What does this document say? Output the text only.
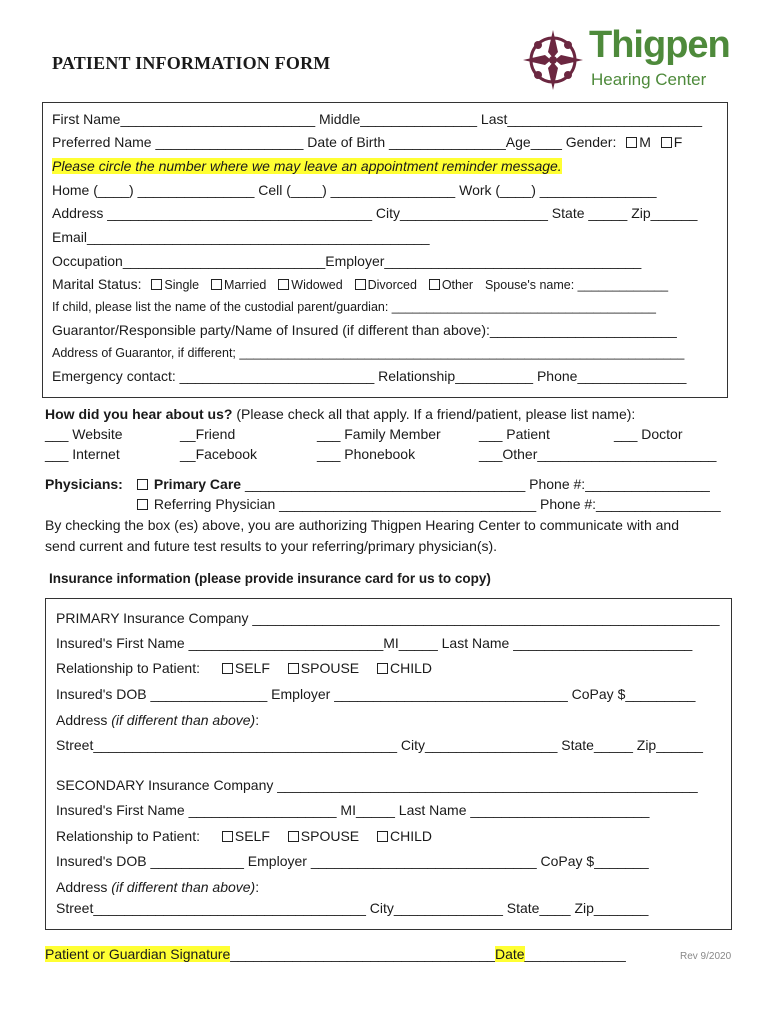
PATIENT INFORMATION FORM	Thigpen
Hearing Center
First Name_________________________ Middle_______________ Last_________________________
Preferred Name ___________________ Date of Birth _______________Age____ Gender: M F
Please circle the number where we may leave an appointment reminder message.
Home (____) _______________ Cell (____) ________________ Work (____) _______________
Address __________________________________ City___________________ State _____ Zip______
Email____________________________________________
Occupation__________________________Employer_________________________________
Marital Status: Single Married Widowed Divorced Other Spouse's name: _____________
If child, please list the name of the custodial parent/guardian: ______________________________________
Guarantor/Responsible party/Name of Insured (if different than above):________________________
Address of Guarantor, if different; ________________________________________________________________
Emergency contact: _________________________ Relationship__________ Phone______________
How did you hear about us? (Please check all that apply. If a friend/patient, please list name):
___ Website	__Friend	___ Family Member	___ Patient	___ Doctor
___ Internet	__Facebook	___ Phonebook	___Other_______________________
Physicians:	Primary Care ____________________________________ Phone #:________________
Referring Physician _________________________________ Phone #:________________
By checking the box (es) above, you are authorizing Thigpen Hearing Center to communicate with and
send current and future test results to your referring/primary physician(s).
Insurance information (please provide insurance card for us to copy)
PRIMARY Insurance Company ____________________________________________________________
Insured's First Name _________________________MI_____ Last Name _______________________
Relationship to Patient: SELF SPOUSE CHILD
Insured's DOB _______________ Employer ______________________________ CoPay $_________
Address (if different than above):
Street_______________________________________ City_________________ State_____ Zip______
SECONDARY Insurance Company ______________________________________________________
Insured's First Name ___________________ MI_____ Last Name _______________________
Relationship to Patient: SELF SPOUSE CHILD
Insured's DOB ____________ Employer _____________________________ CoPay $_______
Address (if different than above):
Street___________________________________ City______________ State____ Zip_______
Patient or Guardian Signature__________________________________Date_____________	Rev 9/2020
